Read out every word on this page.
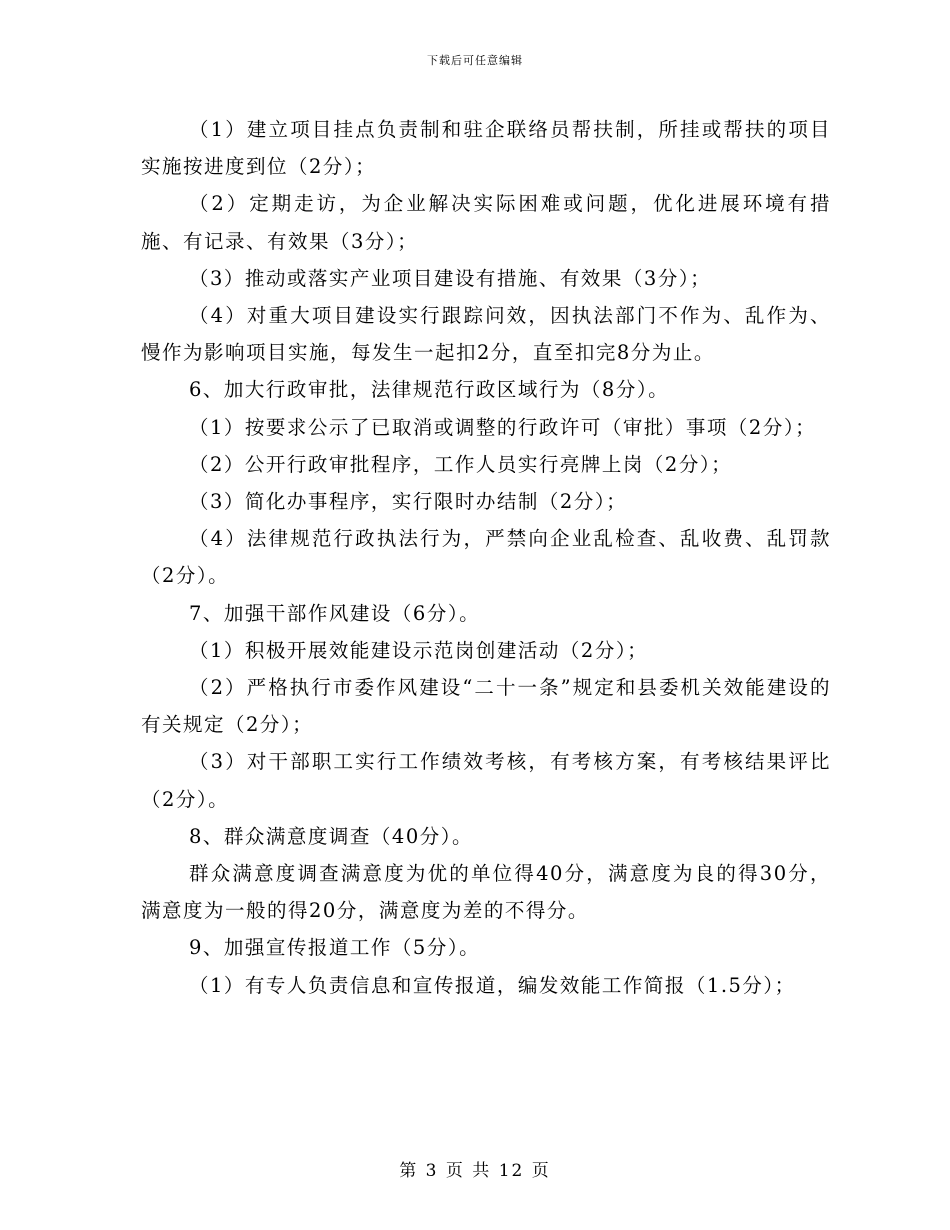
下载后可任意编辑

（1）建立项目挂点负责制和驻企联络员帮扶制，所挂或帮扶的项目实施按进度到位（2分）；

（2）定期走访，为企业解决实际困难或问题，优化进展环境有措施、有记录、有效果（3分）；

（3）推动或落实产业项目建设有措施、有效果（3分）；

（4）对重大项目建设实行跟踪问效，因执法部门不作为、乱作为、慢作为影响项目实施，每发生一起扣2分，直至扣完8分为止。

6、加大行政审批，法律规范行政区域行为（8分）。

（1）按要求公示了已取消或调整的行政许可（审批）事项（2分）；

（2）公开行政审批程序，工作人员实行亮牌上岗（2分）；

（3）简化办事程序，实行限时办结制（2分）；

（4）法律规范行政执法行为，严禁向企业乱检查、乱收费、乱罚款（2分）。

7、加强干部作风建设（6分）。

（1）积极开展效能建设示范岗创建活动（2分）；

（2）严格执行市委作风建设“二十一条”规定和县委机关效能建设的有关规定（2分）；

（3）对干部职工实行工作绩效考核，有考核方案，有考核结果评比（2分）。

8、群众满意度调查（40分）。

群众满意度调查满意度为优的单位得40分，满意度为良的得30分，满意度为一般的得20分，满意度为差的不得分。

9、加强宣传报道工作（5分）。

（1）有专人负责信息和宣传报道，编发效能工作简报（1.5分）；

第 3 页 共 12 页
